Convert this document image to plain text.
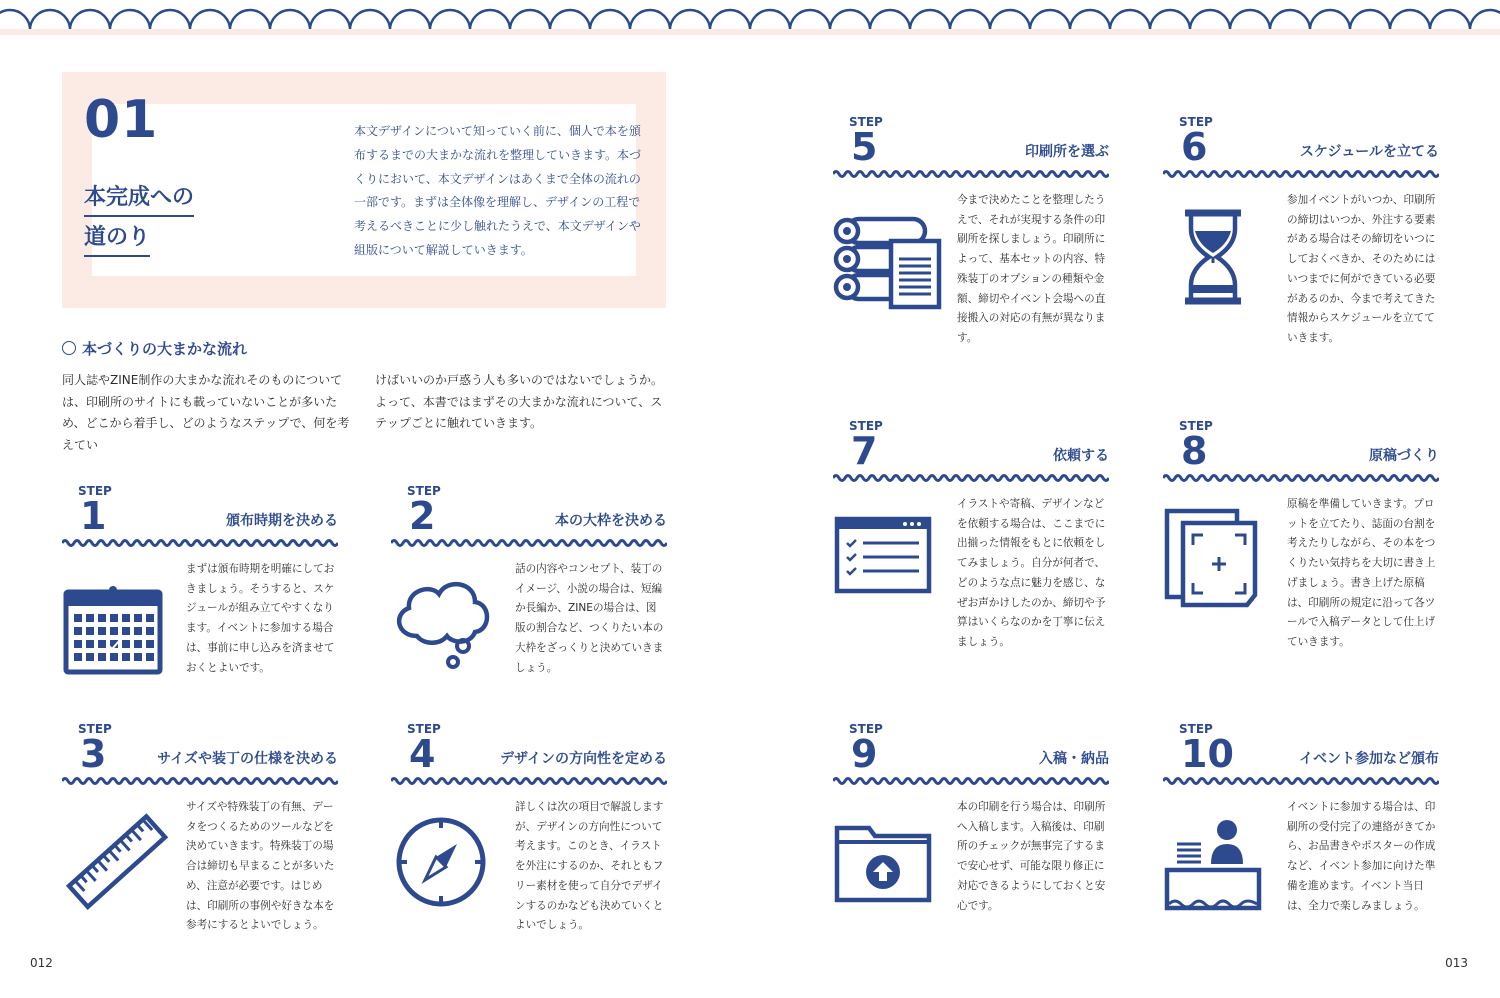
01
本完成への
道のり
本文デザインについて知っていく前に、個人で本を頒布するまでの大まかな流れを整理していきます。本づくりにおいて、本文デザインはあくまで全体の流れの一部です。まずは全体像を理解し、デザインの工程で考えるべきことに少し触れたうえで、本文デザインや組版について解説していきます。
本づくりの大まかな流れ
同人誌やZINE制作の大まかな流れそのものについては、印刷所のサイトにも載っていないことが多いため、どこから着手し、どのようなステップで、何を考えてい
けばいいのか戸惑う人も多いのではないでしょうか。よって、本書ではまずその大まかな流れについて、ステップごとに触れていきます。
STEP
1	頒布時期を決める
まずは頒布時期を明確にしておきましょう。そうすると、スケジュールが組み立てやすくなります。イベントに参加する場合は、事前に申し込みを済ませておくとよいです。
STEP
2	本の大枠を決める
話の内容やコンセプト、装丁のイメージ、小説の場合は、短編か長編か、ZINEの場合は、図版の割合など、つくりたい本の大枠をざっくりと決めていきましょう。
STEP
3	サイズや装丁の仕様を決める
サイズや特殊装丁の有無、データをつくるためのツールなどを決めていきます。特殊装丁の場合は締切も早まることが多いため、注意が必要です。はじめは、印刷所の事例や好きな本を参考にするとよいでしょう。
STEP
4	デザインの方向性を定める
詳しくは次の項目で解説しますが、デザインの方向性について考えます。このとき、イラストを外注にするのか、それともフリー素材を使って自分でデザインするのかなども決めていくとよいでしょう。
STEP
5	印刷所を選ぶ
今まで決めたことを整理したうえで、それが実現する条件の印刷所を探しましょう。印刷所によって、基本セットの内容、特殊装丁のオプションの種類や金額、締切やイベント会場への直接搬入の対応の有無が異なります。
STEP
6	スケジュールを立てる
参加イベントがいつか、印刷所の締切はいつか、外注する要素がある場合はその締切をいつにしておくべきか、そのためにはいつまでに何ができている必要があるのか、今まで考えてきた情報からスケジュールを立てていきます。
STEP
7	依頼する
イラストや寄稿、デザインなどを依頼する場合は、ここまでに出揃った情報をもとに依頼をしてみましょう。自分が何者で、どのような点に魅力を感じ、なぜお声かけしたのか、締切や予算はいくらなのかを丁寧に伝えましょう。
STEP
8	原稿づくり
原稿を準備していきます。プロットを立てたり、誌面の台割を考えたりしながら、その本をつくりたい気持ちを大切に書き上げましょう。書き上げた原稿は、印刷所の規定に沿って各ツールで入稿データとして仕上げていきます。
STEP
9	入稿・納品
本の印刷を行う場合は、印刷所へ入稿します。入稿後は、印刷所のチェックが無事完了するまで安心せず、可能な限り修正に対応できるようにしておくと安心です。
STEP
10	イベント参加など頒布
イベントに参加する場合は、印刷所の受付完了の連絡がきてから、お品書きやポスターの作成など、イベント参加に向けた準備を進めます。イベント当日は、全力で楽しみましょう。
012	013
